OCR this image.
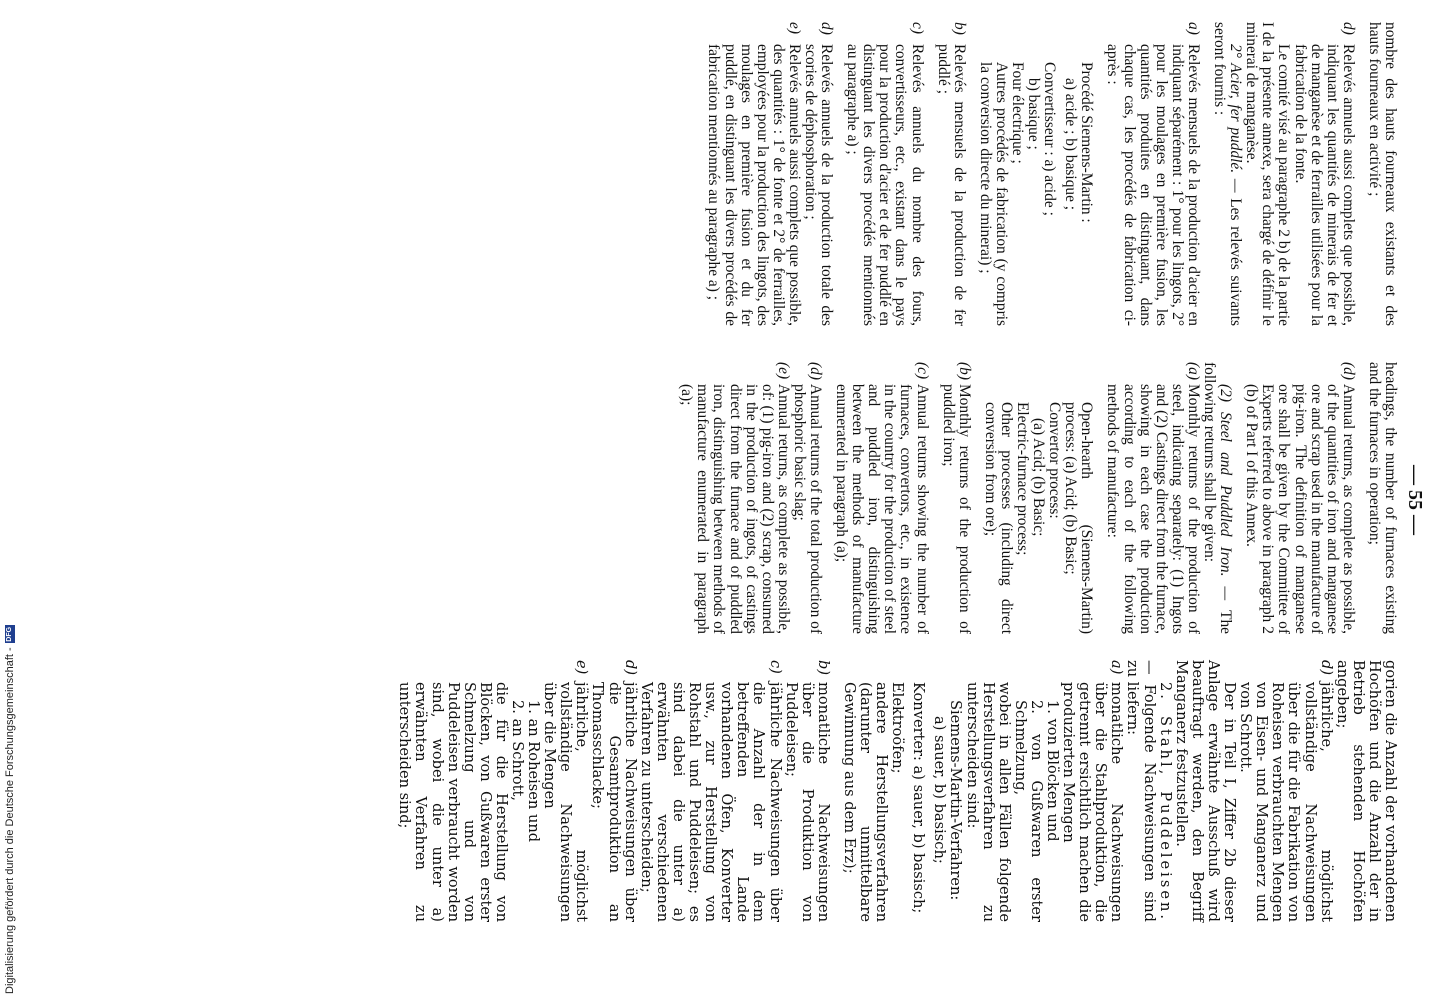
— 55 —

nombre des hauts fourneaux existants et des hauts fourneaux en activité ;

d)
Relevés annuels aussi complets que possible, indiquant les quantités de minerais de fer et de manganèse et de ferrailles utilisées pour la fabrication de la fonte.

Le comité visé au paragraphe 2 b) de la partie I de la présente annexe, sera chargé de définir le minerai de manganèse.

2° Acier, fer puddlé. — Les relevés suivants seront fournis :

a)
Relevés mensuels de la production d'acier en indiquant séparément : 1° pour les lingots, 2° pour les moulages en première fusion, les quantités produites en distinguant, dans chaque cas, les procédés de fabrication ci-après :

Procédé Siemens-Martin :

a) acide ; b) basique ;

Convertisseur : a) acide ;

b) basique ;

Four électrique ;

Autres procédés de fabrication (y compris la conversion directe du minerai) ;

b)
Relevés mensuels de la production de fer puddlé ;
c)
Relevés annuels du nombre des fours, convertisseurs, etc., existant dans le pays pour la production d'acier et de fer puddlé en distinguant les divers procédés mentionnés au paragraphe a) ;
d)
Relevés annuels de la production totale des scories de déphosphoration ;
e)
Relevés annuels aussi complets que possible, des quantités : 1° de fonte et 2° de ferrailles, employées pour la production des lingots, des moulages en première fusion et du fer puddlé, en distinguant les divers procédés de fabrication mentionnés au paragraphe a) ;

headings, the number of furnaces existing and the furnaces in operation;

(d)
Annual returns, as complete as possible, of the quantities of iron and manganese ore and scrap used in the manufacture of pig-iron. The definition of manganese ore shall be given by the Committee of Experts referred to above in paragraph 2 (b) of Part I of this Annex.

(2) Steel and Puddled Iron. — The following returns shall be given:

(a)
Monthly returns of the production of steel, indicating separately: (1) Ingots and (2) Castings direct from the furnace, showing in each case the production according to each of the following methods of manufacture:

Open-hearth (Siemens-Martin) process: (a) Acid; (b) Basic;

Convertor process:

(a) Acid; (b) Basic;

Electric-furnace process;

Other processes (including direct conversion from ore);

(b)
Monthly returns of the production of puddled iron;
(c)
Annual returns showing the number of furnaces, convertors, etc., in existence in the country for the production of steel and puddled iron, distinguishing between the methods of manufacture enumerated in paragraph (a);
(d)
Annual returns of the total production of phosphoric basic slag;
(e)
Annual returns, as complete as possible, of: (1) pig-iron and (2) scrap, consumed in the production of ingots, of castings direct from the furnace and of puddled iron, distinguishing between methods of manufacture enumerated in paragraph (a);

gorien die Anzahl der vorhandenen Hochöfen und die Anzahl der in Betrieb stehenden Hochöfen angeben;

d)
jährliche, möglichst vollständige Nachweisungen über die für die Fabrikation von Roheisen verbrauchten Mengen von Eisen- und Manganerz und von Schrott.

Der in Teil I, Ziffer 2b dieser Anlage erwähnte Ausschuß wird beauftragt werden, den Begriff Manganerz festzustellen.

2. Stahl, Puddeleisen. — Folgende Nachweisungen sind zu liefern:

a)
monatliche Nachweisungen über die Stahlproduktion, die getrennt ersichtlich machen die produzierten Mengen

1. von Blöcken und

2. von Gußwaren erster Schmelzung,

wobei in allen Fällen folgende Herstellungsverfahren zu unterscheiden sind:

Siemens-Martin-Verfahren:

a) sauer, b) basisch;

Konverter: a) sauer, b) basisch;

Elektroöfen;

andere Herstellungsverfahren (darunter unmittelbare Gewinnung aus dem Erz);

b)
monatliche Nachweisungen über die Produktion von Puddeleisen;
c)
jährliche Nachweisungen über die Anzahl der in dem betreffenden Lande vorhandenen Öfen, Konverter usw., zur Herstellung von Rohstahl und Puddeleisen; es sind dabei die unter a) erwähnten verschiedenen Verfahren zu unterscheiden;
d)
jährliche Nachweisungen über die Gesamtproduktion an Thomasschlacke;
e)
jährliche, möglichst vollständige Nachweisungen über die Mengen

1. an Roheisen und

2. an Schrott,

die für die Herstellung von Blöcken, von Gußwaren erster Schmelzung und von Puddeleisen verbraucht worden sind, wobei die unter a) erwähnten Verfahren zu unterscheiden sind;

Digitalisierung gefördert durch die Deutsche Forschungsgemeinschaft -
DFG
